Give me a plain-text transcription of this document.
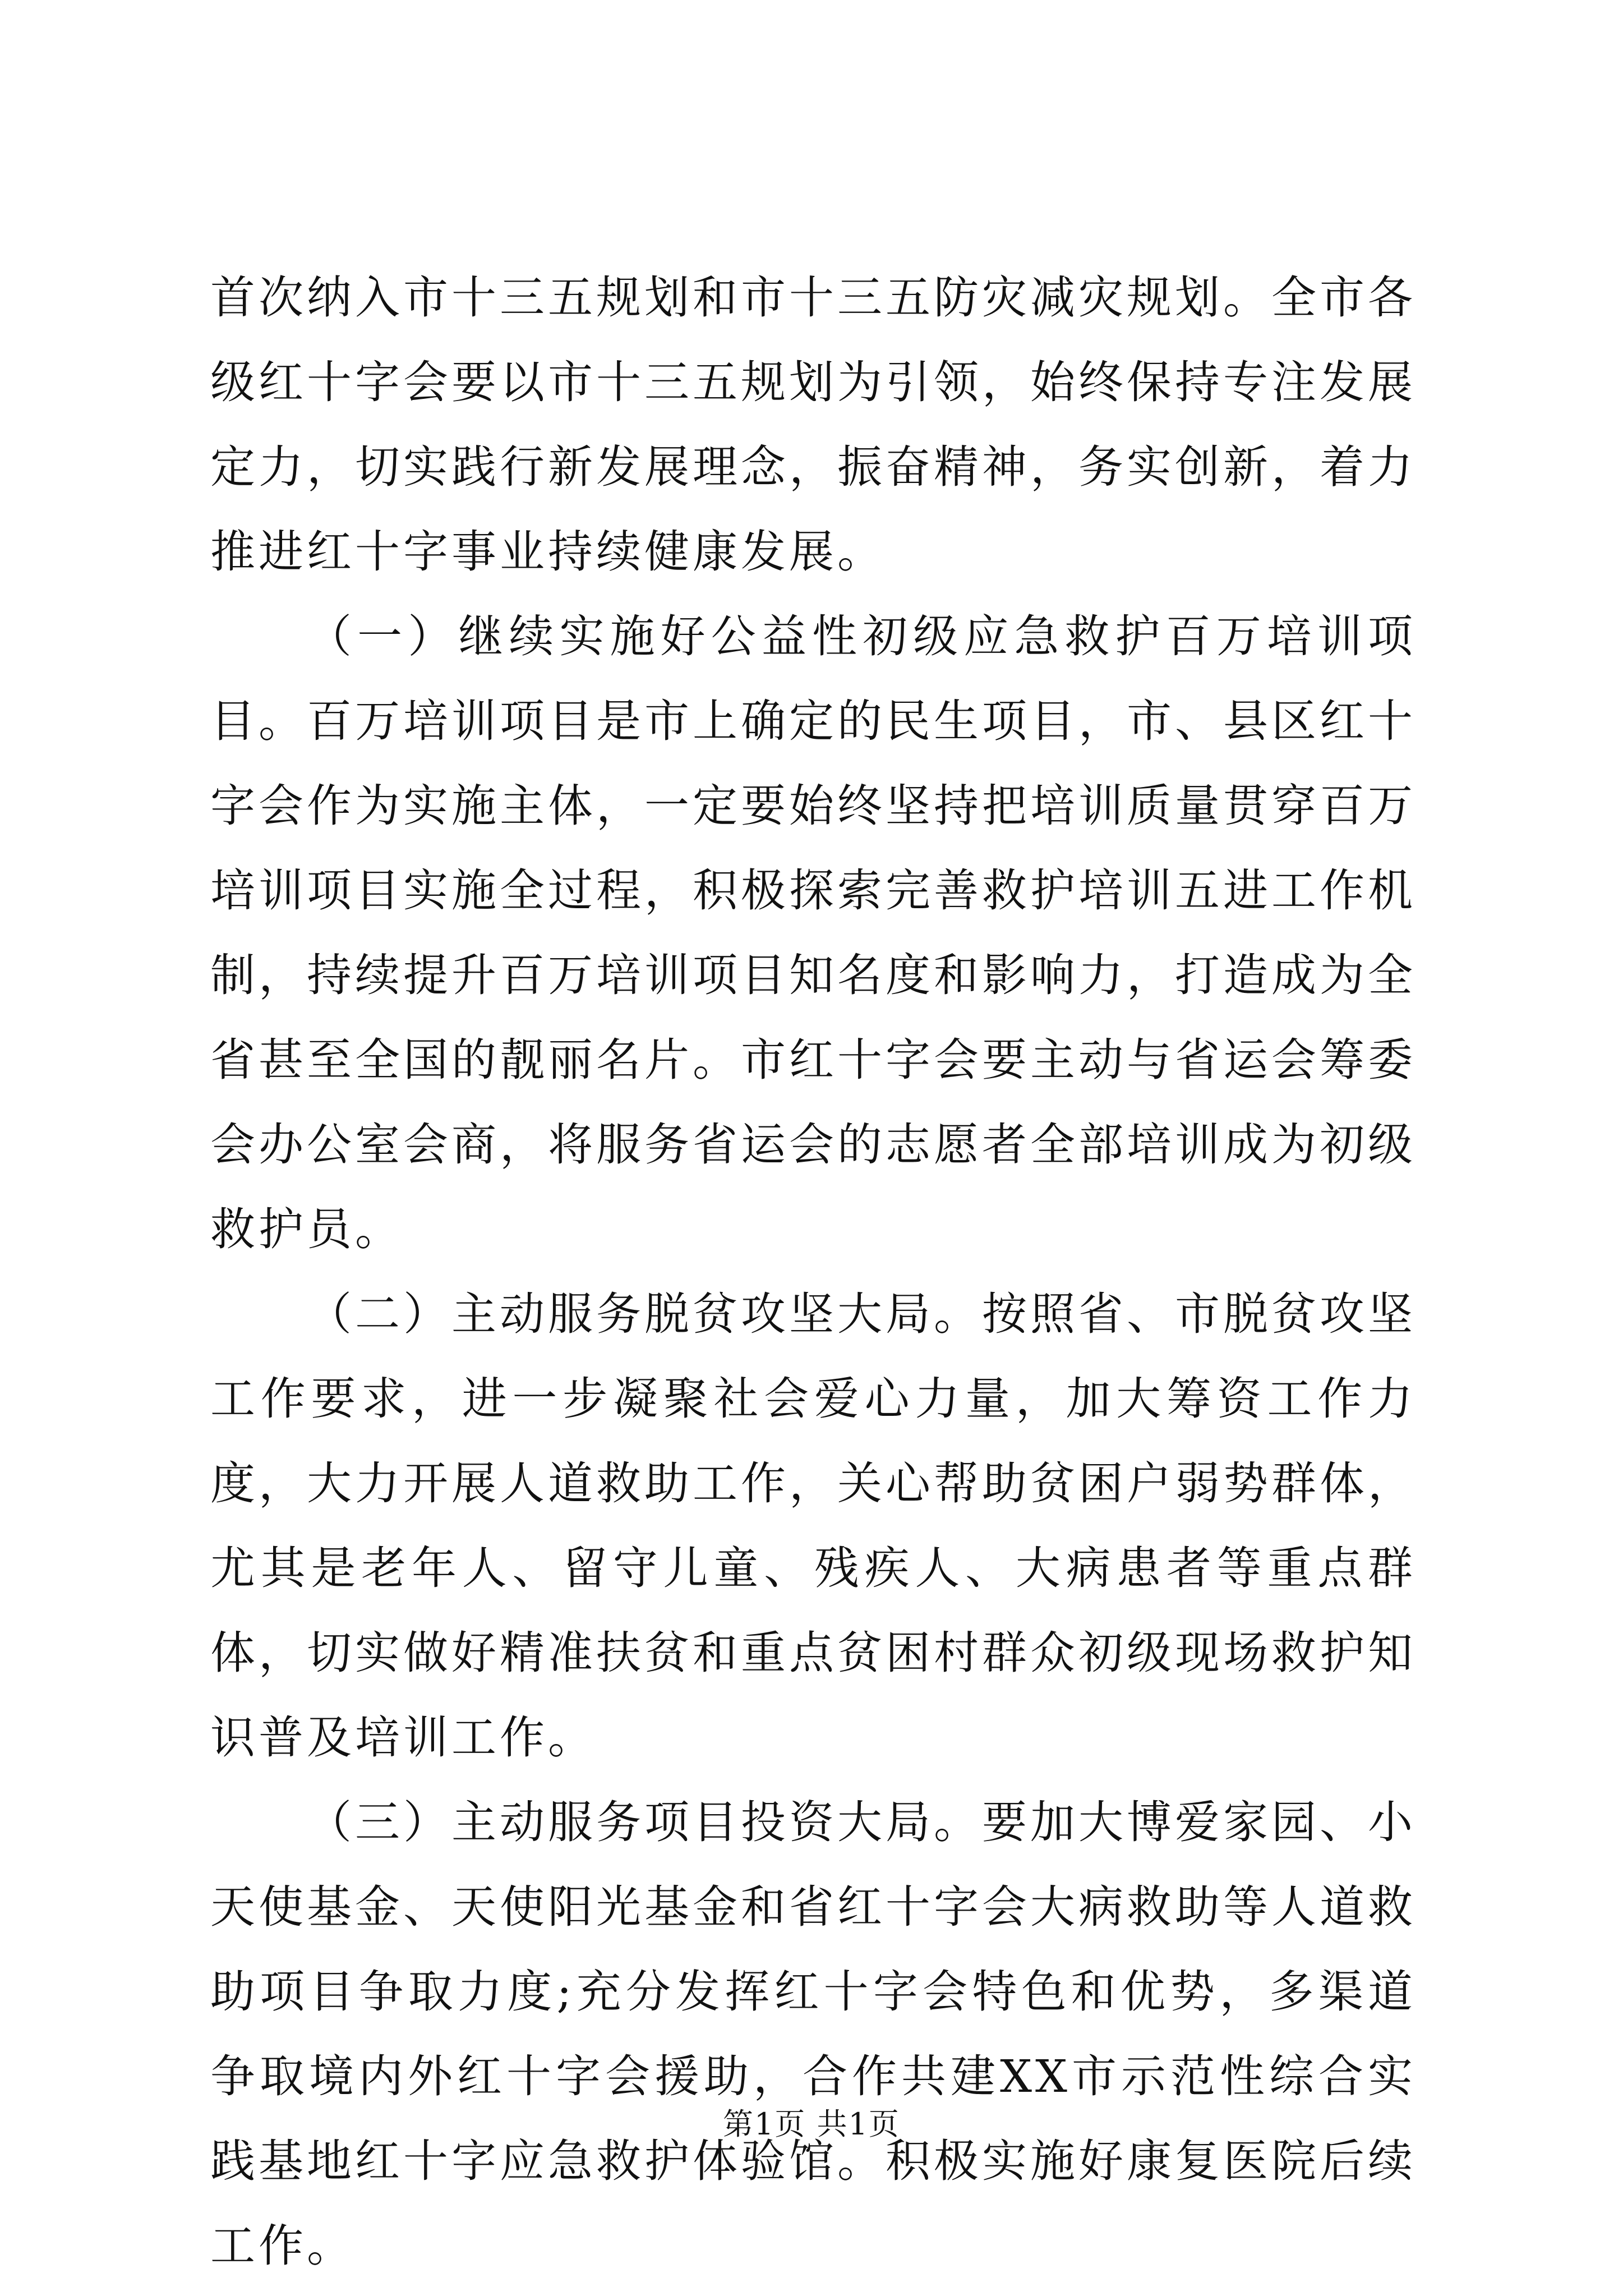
首次纳入市十三五规划和市十三五防灾减灾规划。全市各级红十字会要以市十三五规划为引领，始终保持专注发展定力，切实践行新发展理念，振奋精神，务实创新，着力推进红十字事业持续健康发展。

（一）继续实施好公益性初级应急救护百万培训项目。百万培训项目是市上确定的民生项目，市、县区红十字会作为实施主体，一定要始终坚持把培训质量贯穿百万培训项目实施全过程，积极探索完善救护培训五进工作机制，持续提升百万培训项目知名度和影响力，打造成为全省甚至全国的靓丽名片。市红十字会要主动与省运会筹委会办公室会商，将服务省运会的志愿者全部培训成为初级救护员。

（二）主动服务脱贫攻坚大局。按照省、市脱贫攻坚工作要求，进一步凝聚社会爱心力量，加大筹资工作力度，大力开展人道救助工作，关心帮助贫困户弱势群体，尤其是老年人、留守儿童、残疾人、大病患者等重点群体，切实做好精准扶贫和重点贫困村群众初级现场救护知识普及培训工作。

（三）主动服务项目投资大局。要加大博爱家园、小天使基金、天使阳光基金和省红十字会大病救助等人道救助项目争取力度;充分发挥红十字会特色和优势，多渠道争取境内外红十字会援助，合作共建XX市示范性综合实践基地红十字应急救护体验馆。积极实施好康复医院后续工作。

第1页 共1页
